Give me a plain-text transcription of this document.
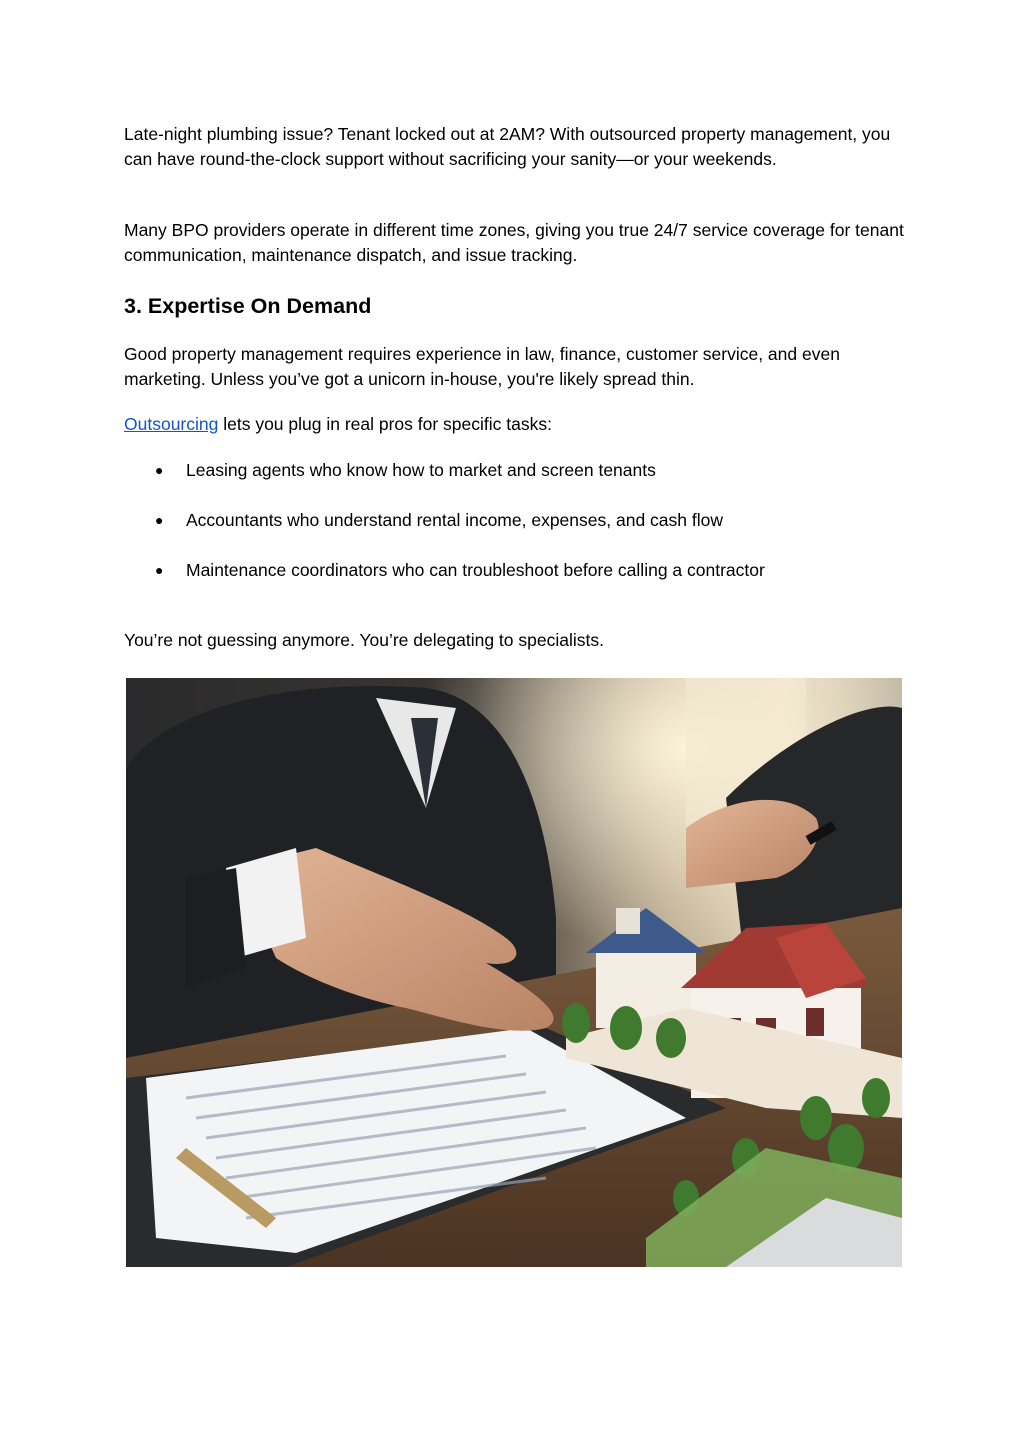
Late-night plumbing issue? Tenant locked out at 2AM? With outsourced property management, you can have round-the-clock support without sacrificing your sanity—or your weekends.

Many BPO providers operate in different time zones, giving you true 24/7 service coverage for tenant communication, maintenance dispatch, and issue tracking.

3. Expertise On Demand

Good property management requires experience in law, finance, customer service, and even marketing. Unless you’ve got a unicorn in-house, you're likely spread thin.

Outsourcing lets you plug in real pros for specific tasks:

● Leasing agents who know how to market and screen tenants
● Accountants who understand rental income, expenses, and cash flow
● Maintenance coordinators who can troubleshoot before calling a contractor

You’re not guessing anymore. You’re delegating to specialists.
